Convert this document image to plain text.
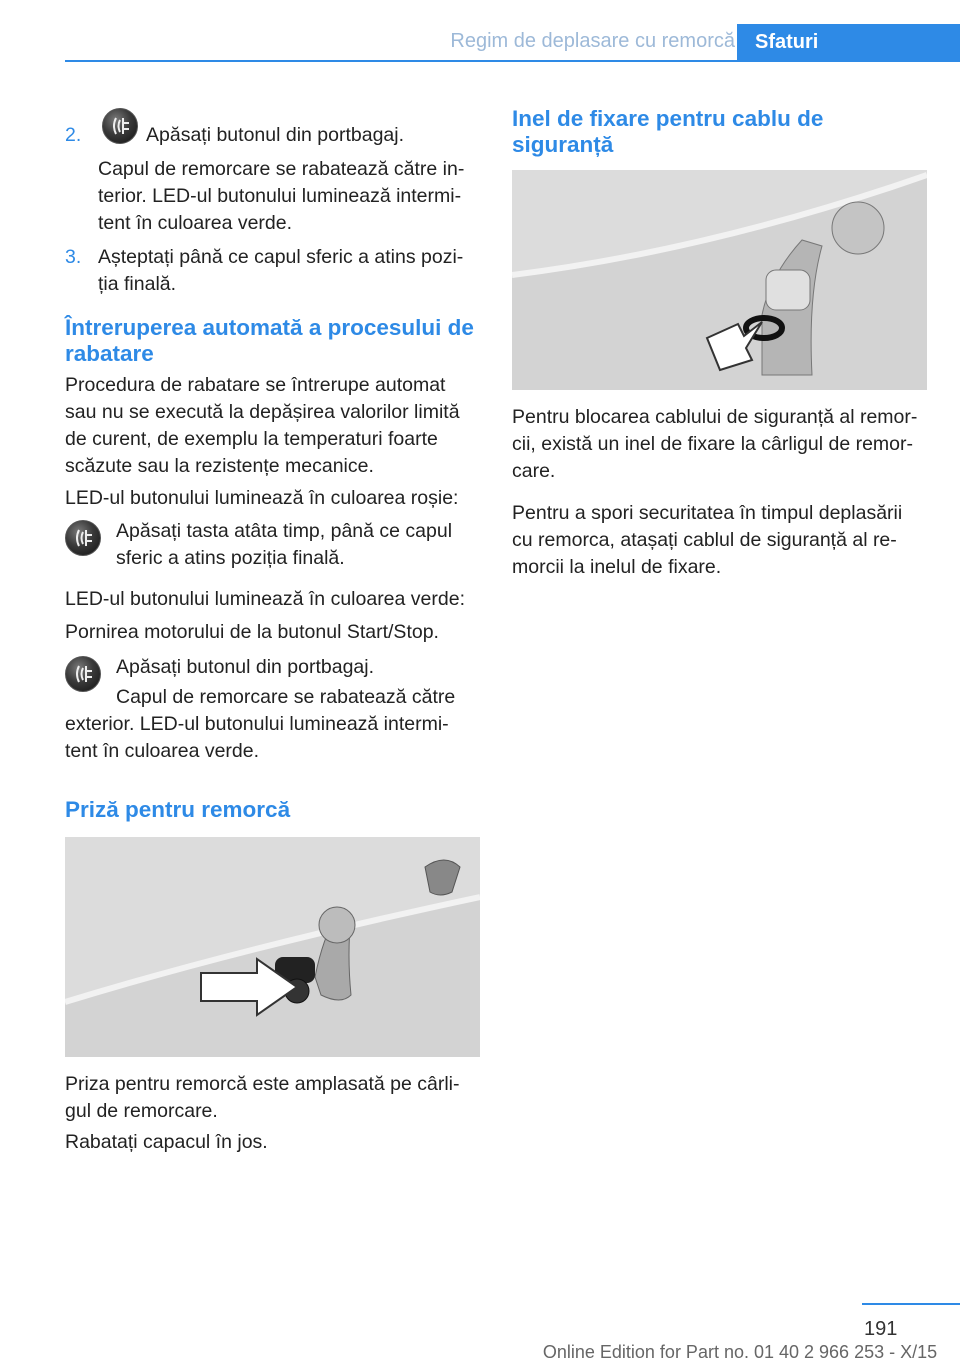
Regim de deplasare cu remorcă Sfaturi

2.	Apăsați butonul din portbagaj.

Capul de remorcare se rabatează către in‐

terior. LED-ul butonului luminează intermi‐

tent în culoarea verde.

3. Așteptați până ce capul sferic a atins pozi‐

ția finală.

Întreruperea automată a procesului de

rabatare

Procedura de rabatare se întrerupe automat

sau nu se execută la depășirea valorilor limită

de curent, de exemplu la temperaturi foarte

scăzute sau la rezistențe mecanice.

LED-ul butonului luminează în culoarea roșie:

Apăsați tasta atâta timp, până ce capul

sferic a atins poziția finală.

LED-ul butonului luminează în culoarea verde:

Pornirea motorului de la butonul Start/Stop.

Apăsați butonul din portbagaj.

Capul de remorcare se rabatează către

exterior. LED-ul butonului luminează intermi‐

tent în culoarea verde.

Priză pentru remorcă

Priza pentru remorcă este amplasată pe cârli‐

gul de remorcare.

Rabatați capacul în jos.

Inel de fixare pentru cablu de

siguranță

Pentru blocarea cablului de siguranță al remor‐

cii, există un inel de fixare la cârligul de remor‐

care.

Pentru a spori securitatea în timpul deplasării

cu remorca, atașați cablul de siguranță al re‐

morcii la inelul de fixare.

191
Online Edition for Part no. 01 40 2 966 253 - X/15
